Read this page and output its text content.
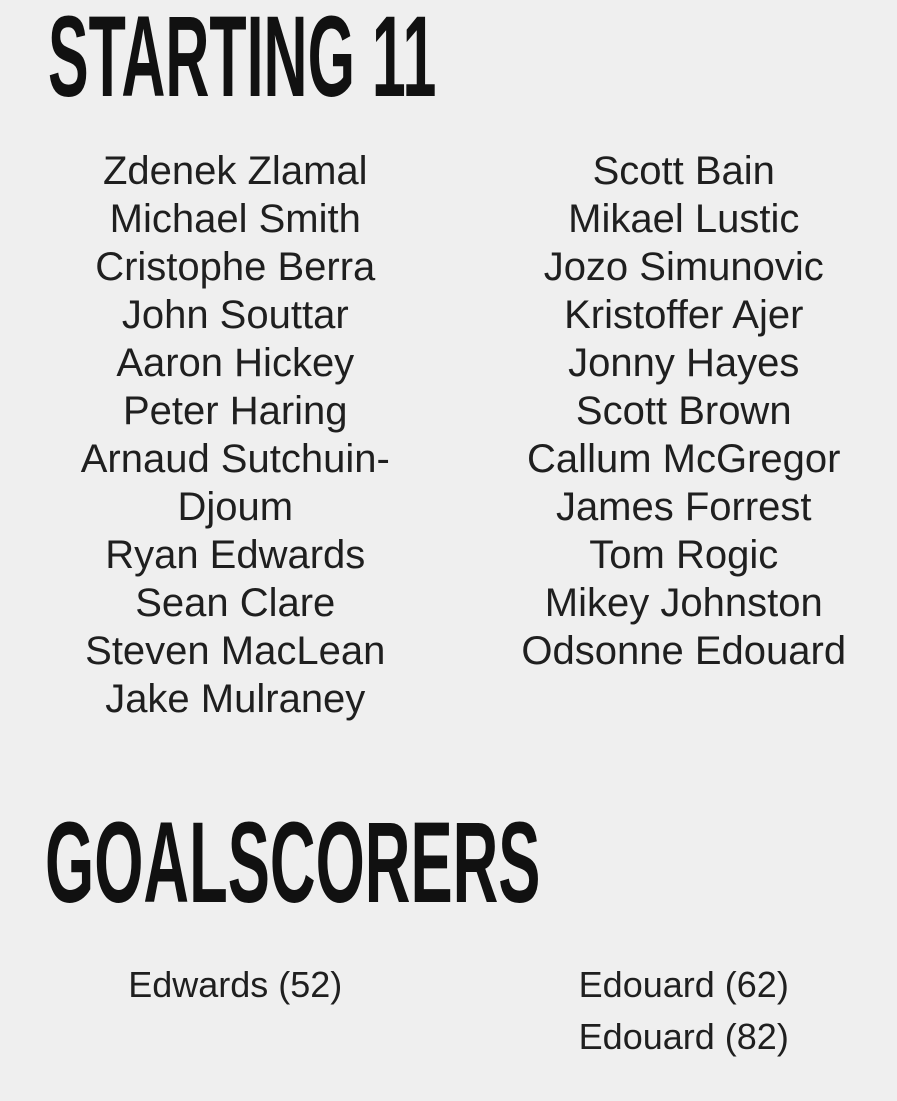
STARTING 11
Zdenek Zlamal
Michael Smith
Cristophe Berra
John Souttar
Aaron Hickey
Peter Haring
Arnaud Sutchuin-Djoum
Ryan Edwards
Sean Clare
Steven MacLean
Jake Mulraney
Scott Bain
Mikael Lustic
Jozo Simunovic
Kristoffer Ajer
Jonny Hayes
Scott Brown
Callum McGregor
James Forrest
Tom Rogic
Mikey Johnston
Odsonne Edouard
GOALSCORERS
Edwards (52)	Edouard (62)
Edouard (82)
